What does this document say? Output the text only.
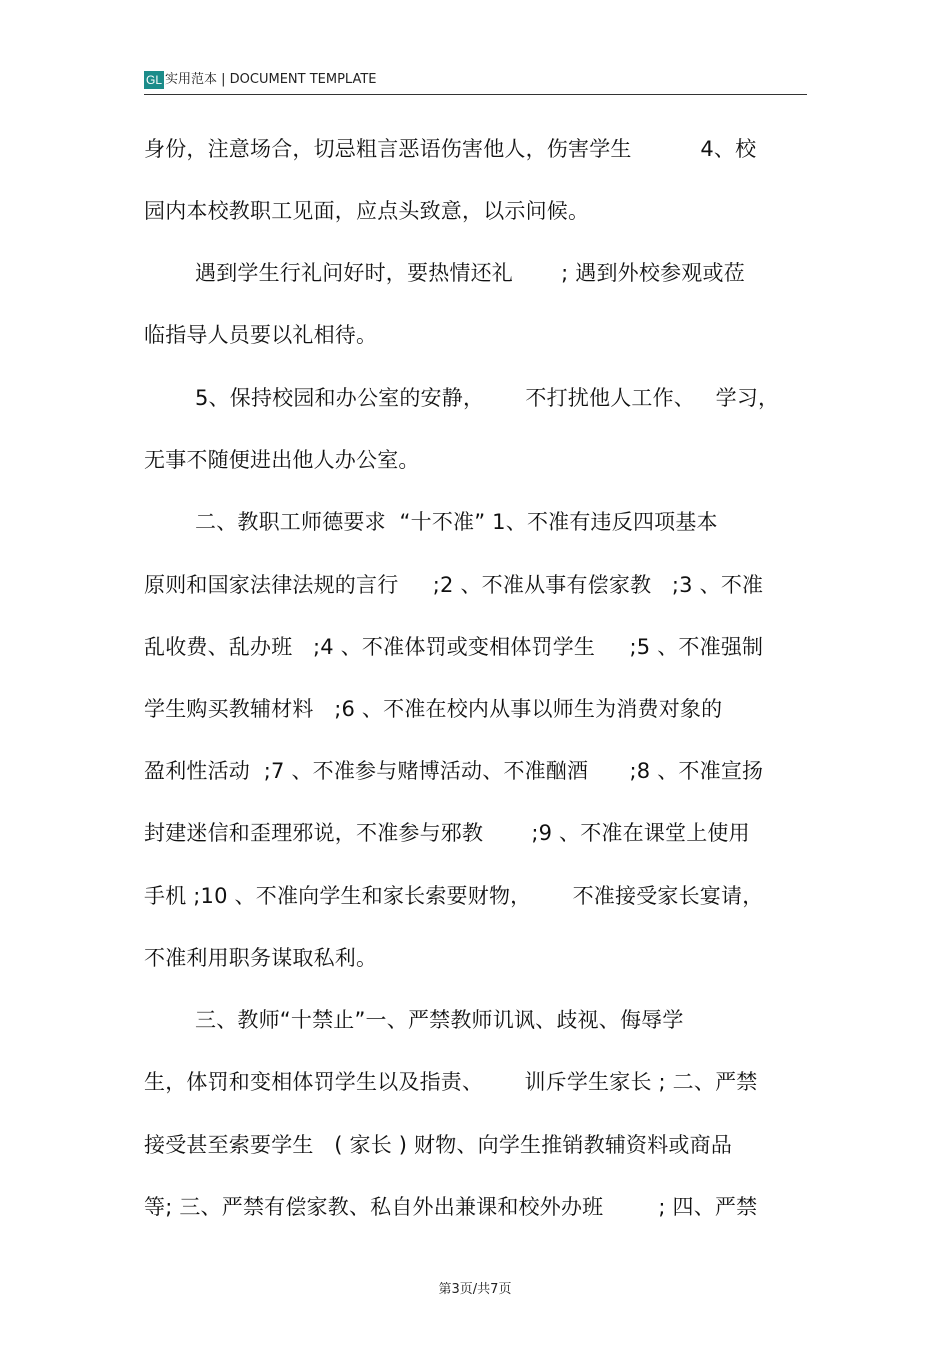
GL 实用范本 | DOCUMENT TEMPLATE
身份，注意场合，切忌粗言恶语伤害他人，伤害学生          4、校
园内本校教职工见面，应点头致意，以示问候。
遇到学生行礼问好时，要热情还礼       ; 遇到外校参观或莅
临指导人员要以礼相待。
5、保持校园和办公室的安静，      不打扰他人工作、   学习，
无事不随便进出他人办公室。
二、教职工师德要求  “十不准” 1、不准有违反四项基本
原则和国家法律法规的言行     ;2 、不准从事有偿家教   ;3 、不准
乱收费、乱办班   ;4 、不准体罚或变相体罚学生     ;5 、不准强制
学生购买教辅材料   ;6 、不准在校内从事以师生为消费对象的
盈利性活动  ;7 、不准参与赌博活动、不准酗酒      ;8 、不准宣扬
封建迷信和歪理邪说，不准参与邪教       ;9 、不准在课堂上使用
手机 ;10 、不准向学生和家长索要财物，      不准接受家长宴请，
不准利用职务谋取私利。
三、教师“十禁止”一、严禁教师讥讽、歧视、侮辱学
生，体罚和变相体罚学生以及指责、      训斥学生家长 ; 二、严禁
接受甚至索要学生   ( 家长 ) 财物、向学生推销教辅资料或商品
等; 三、严禁有偿家教、私自外出兼课和校外办班        ; 四、严禁
第3页/共7页
